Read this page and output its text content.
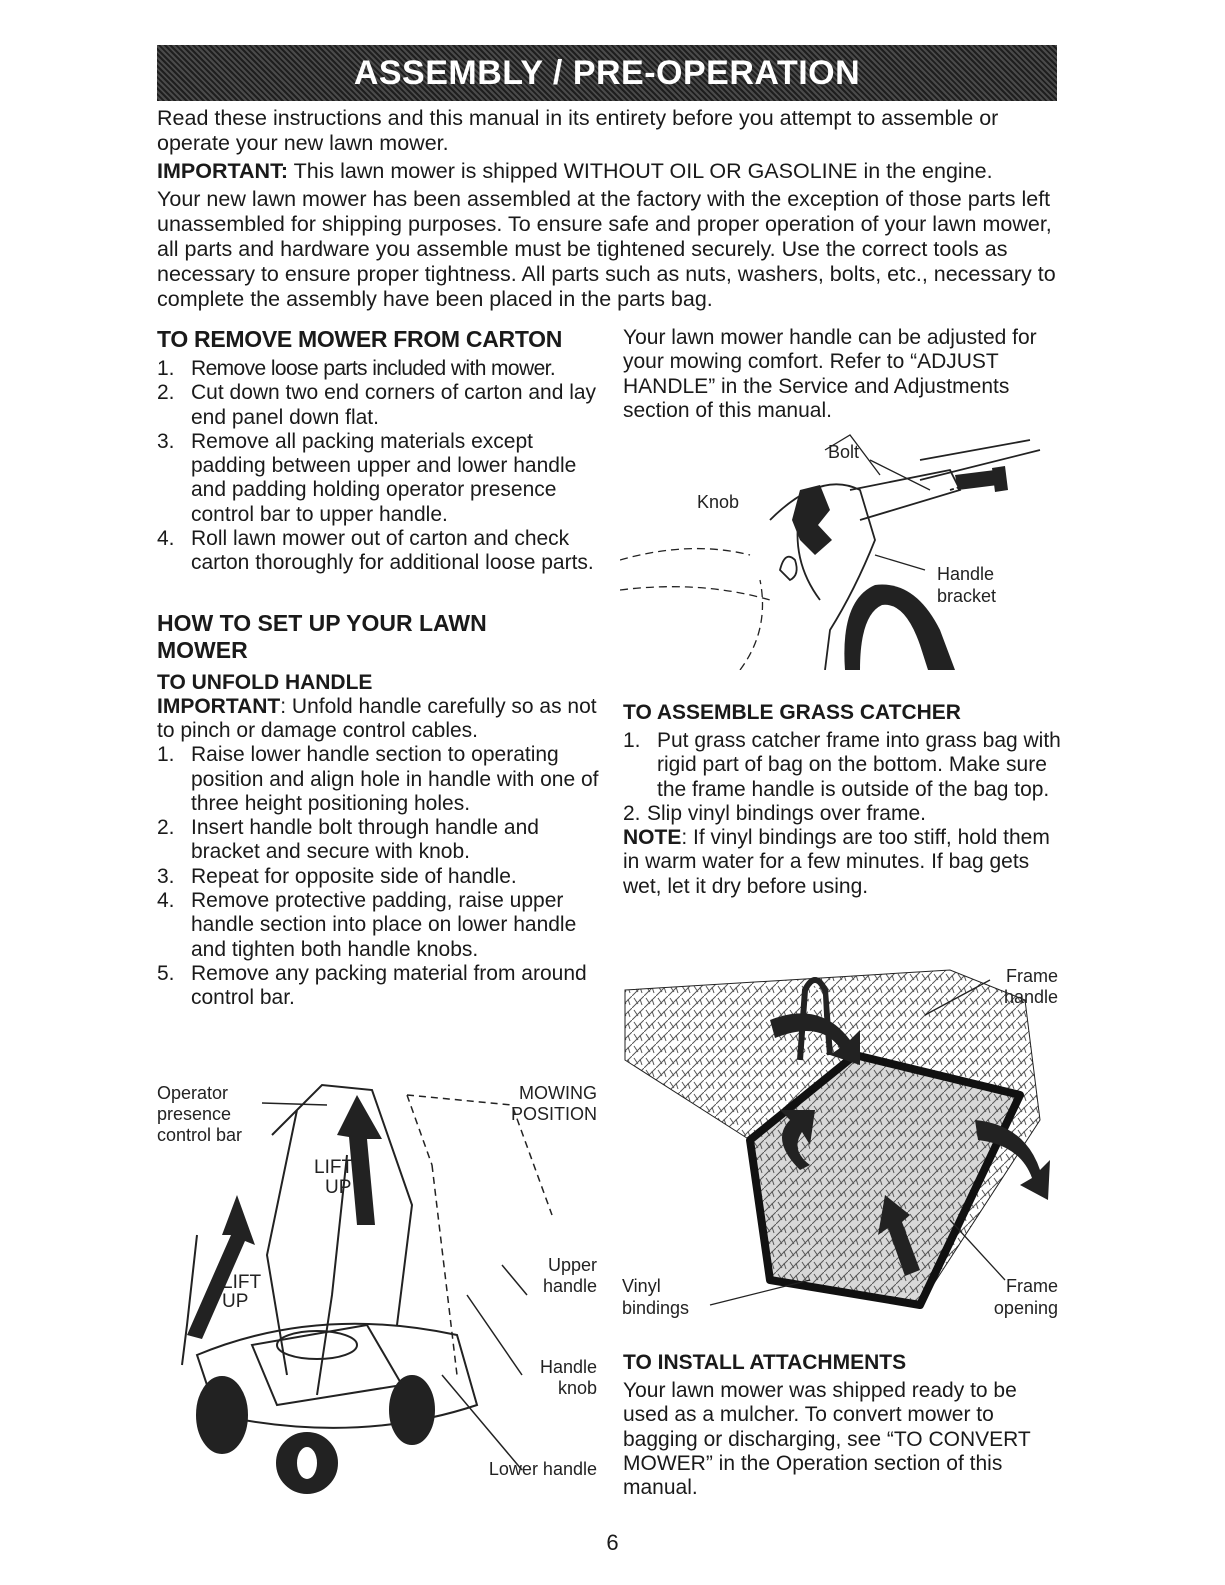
ASSEMBLY / PRE-OPERATION

Read these instructions and this manual in its entirety before you attempt to assemble or operate your new lawn mower.

IMPORTANT: This lawn mower is shipped WITHOUT OIL OR GASOLINE in the engine.

Your new lawn mower has been assembled at the factory with the exception of those parts left unassembled for shipping purposes. To ensure safe and proper operation of your lawn mower, all parts and hardware you assemble must be tightened securely. Use the correct tools as necessary to ensure proper tightness. All parts such as nuts, washers, bolts, etc., necessary to complete the assembly have been placed in the parts bag.

TO REMOVE MOWER FROM CARTON
1. Remove loose parts included with mower.
2. Cut down two end corners of carton and lay end panel down flat.
3. Remove all packing materials except padding between upper and lower handle and padding holding operator presence control bar to upper handle.
4. Roll lawn mower out of carton and check carton thoroughly for additional loose parts.
HOW TO SET UP YOUR LAWN MOWER
TO UNFOLD HANDLE

IMPORTANT: Unfold handle carefully so as not to pinch or damage control cables.

1. Raise lower handle section to operating position and align hole in handle with one of three height positioning holes.
2. Insert handle bolt through handle and bracket and secure with knob.
3. Repeat for opposite side of handle.
4. Remove protective padding, raise upper handle section into place on lower handle and tighten both handle knobs.
5. Remove any packing material from around control bar.
Operator
presence
control bar
MOWING
POSITION
LIFT
UP
LIFT
UP
Upper
handle
Handle
knob
Lower handle

Your lawn mower handle can be adjusted for your mowing comfort. Refer to “ADJUST HANDLE” in the Service and Adjustments section of this manual.

Bolt
Knob
Handle
bracket
TO ASSEMBLE GRASS CATCHER
1. Put grass catcher frame into grass bag with rigid part of bag on the bottom. Make sure the frame handle is outside of the bag top.
2. Slip vinyl bindings over frame.

NOTE: If vinyl bindings are too stiff, hold them in warm water for a few minutes. If bag gets wet, let it dry before using.

Frame
handle
Vinyl
bindings
Frame
opening
TO INSTALL ATTACHMENTS

Your lawn mower was shipped ready to be used as a mulcher. To convert mower to bagging or discharging, see “TO CONVERT MOWER” in the Operation section of this manual.

6
